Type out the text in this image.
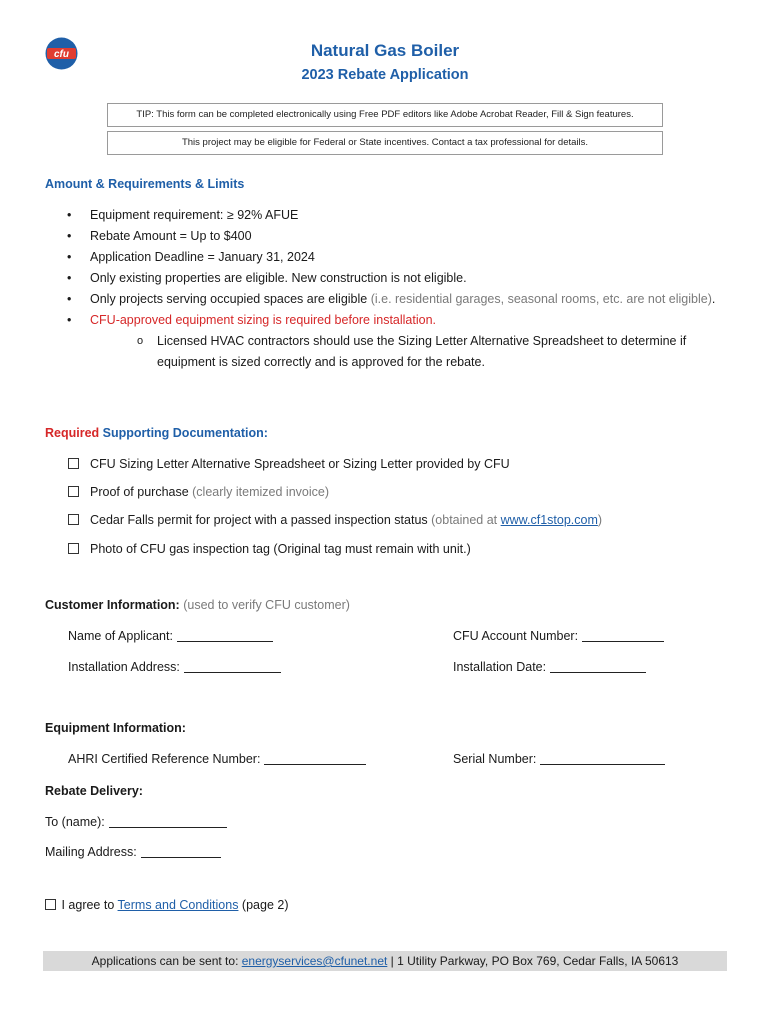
cfu	Natural Gas Boiler
2023 Rebate Application
TIP: This form can be completed electronically using Free PDF editors like Adobe Acrobat Reader, Fill & Sign features.
This project may be eligible for Federal or State incentives. Contact a tax professional for details.
Amount & Requirements & Limits
• Equipment requirement: ≥ 92% AFUE
• Rebate Amount = Up to $400
• Application Deadline = January 31, 2024
• Only existing properties are eligible. New construction is not eligible.
• Only projects serving occupied spaces are eligible (i.e. residential garages, seasonal rooms, etc. are not eligible).
• CFU-approved equipment sizing is required before installation.
o Licensed HVAC contractors should use the Sizing Letter Alternative Spreadsheet to determine if equipment is sized correctly and is approved for the rebate.
Required Supporting Documentation:
CFU Sizing Letter Alternative Spreadsheet or Sizing Letter provided by CFU
Proof of purchase (clearly itemized invoice)
Cedar Falls permit for project with a passed inspection status (obtained at www.cf1stop.com)
Photo of CFU gas inspection tag (Original tag must remain with unit.)
Customer Information: (used to verify CFU customer)
Name of Applicant:	CFU Account Number:
Installation Address:	Installation Date:
Equipment Information:
AHRI Certified Reference Number:	Serial Number:
Rebate Delivery:
To (name):
Mailing Address:
I agree to Terms and Conditions (page 2)
Applications can be sent to: energyservices@cfunet.net | 1 Utility Parkway, PO Box 769, Cedar Falls, IA 50613
